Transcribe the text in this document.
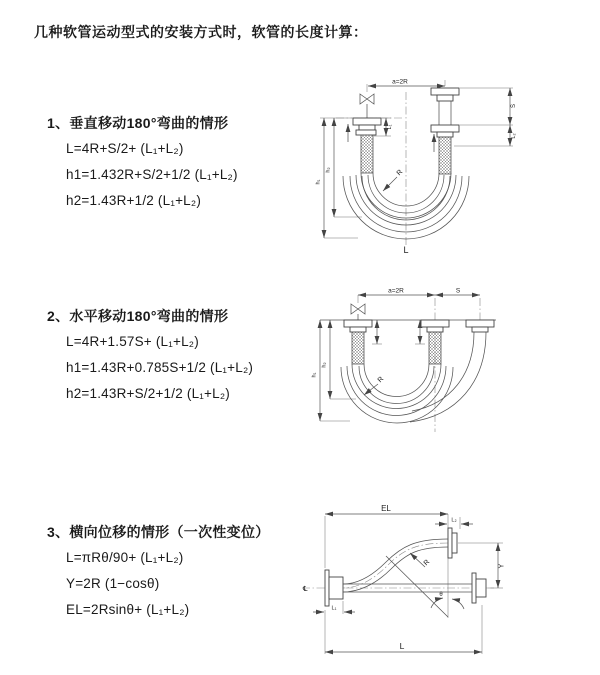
几种软管运动型式的安装方式时，软管的长度计算：
1、垂直移动180°弯曲的情形
L=4R+S/2+ (L₁+L₂)
h1=1.432R+S/2+1/2 (L₁+L₂)
h2=1.43R+1/2 (L₁+L₂)
2、水平移动180°弯曲的情形
L=4R+1.57S+ (L₁+L₂)
h1=1.43R+0.785S+1/2 (L₁+L₂)
h2=1.43R+S/2+1/2 (L₁+L₂)
3、横向位移的情形（一次性变位）
L=πRθ/90+ (L₁+L₂)
Y=2R (1−cosθ)
EL=2Rsinθ+ (L₁+L₂)
a=2R
L₁
S
L₂
h₁
h₂	R
L
a=2R	S
h₁
h₂
R
EL
L₂
Y
R
θ
L
L₁
℄
